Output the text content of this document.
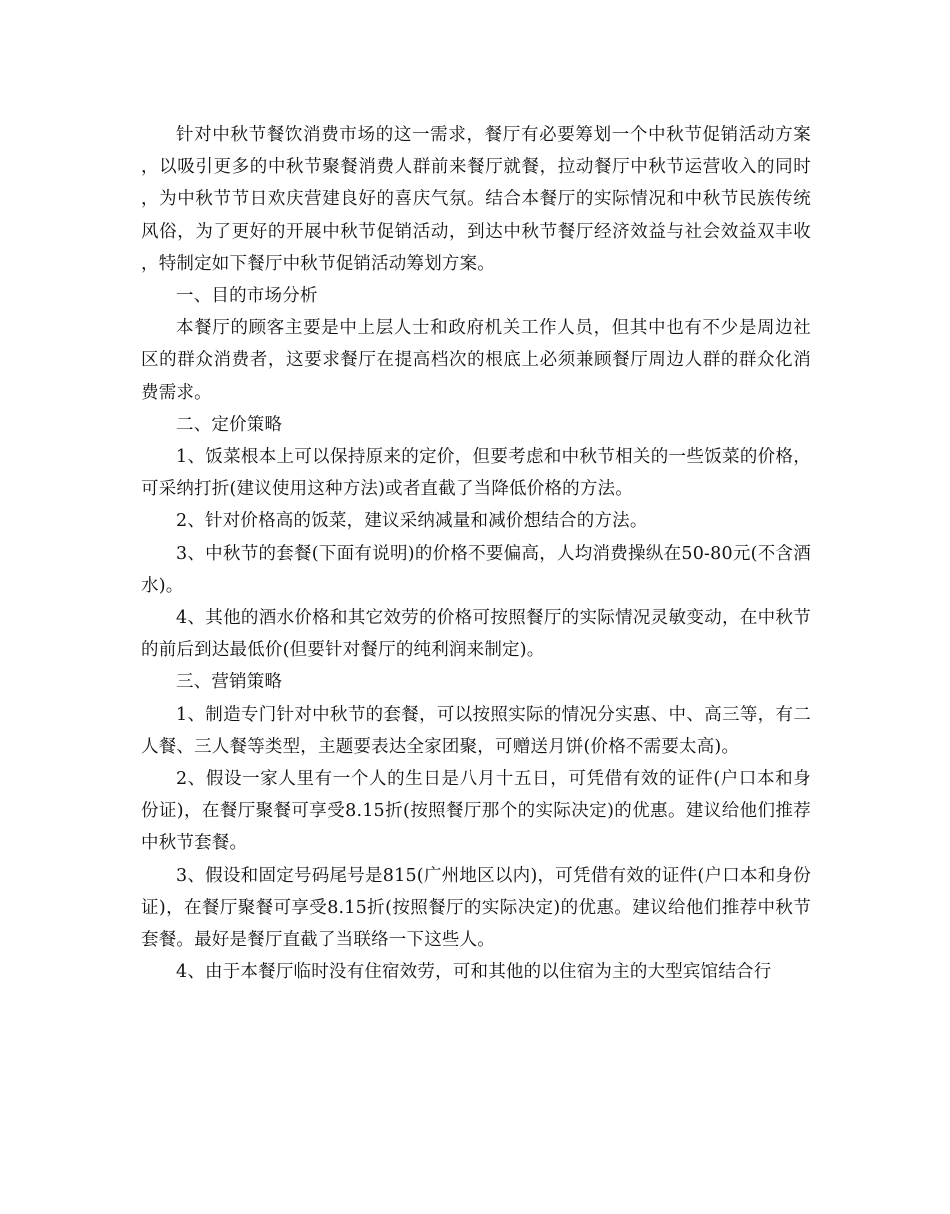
针对中秋节餐饮消费市场的这一需求，餐厅有必要筹划一个中秋节促销活动方案，以吸引更多的中秋节聚餐消费人群前来餐厅就餐，拉动餐厅中秋节运营收入的同时，为中秋节节日欢庆营建良好的喜庆气氛。结合本餐厅的实际情况和中秋节民族传统风俗，为了更好的开展中秋节促销活动，到达中秋节餐厅经济效益与社会效益双丰收，特制定如下餐厅中秋节促销活动筹划方案。

一、目的市场分析

本餐厅的顾客主要是中上层人士和政府机关工作人员，但其中也有不少是周边社区的群众消费者，这要求餐厅在提高档次的根底上必须兼顾餐厅周边人群的群众化消费需求。

二、定价策略

1、饭菜根本上可以保持原来的定价，但要考虑和中秋节相关的一些饭菜的价格，可采纳打折(建议使用这种方法)或者直截了当降低价格的方法。

2、针对价格高的饭菜，建议采纳减量和减价想结合的方法。

3、中秋节的套餐(下面有说明)的价格不要偏高，人均消费操纵在50-80元(不含酒水)。

4、其他的酒水价格和其它效劳的价格可按照餐厅的实际情况灵敏变动，在中秋节的前后到达最低价(但要针对餐厅的纯利润来制定)。

三、营销策略

1、制造专门针对中秋节的套餐，可以按照实际的情况分实惠、中、高三等，有二人餐、三人餐等类型，主题要表达全家团聚，可赠送月饼(价格不需要太高)。

2、假设一家人里有一个人的生日是八月十五日，可凭借有效的证件(户口本和身份证)，在餐厅聚餐可享受8.15折(按照餐厅那个的实际决定)的优惠。建议给他们推荐中秋节套餐。

3、假设和固定号码尾号是815(广州地区以内)，可凭借有效的证件(户口本和身份证)，在餐厅聚餐可享受8.15折(按照餐厅的实际决定)的优惠。建议给他们推荐中秋节套餐。最好是餐厅直截了当联络一下这些人。

4、由于本餐厅临时没有住宿效劳，可和其他的以住宿为主的大型宾馆结合行
